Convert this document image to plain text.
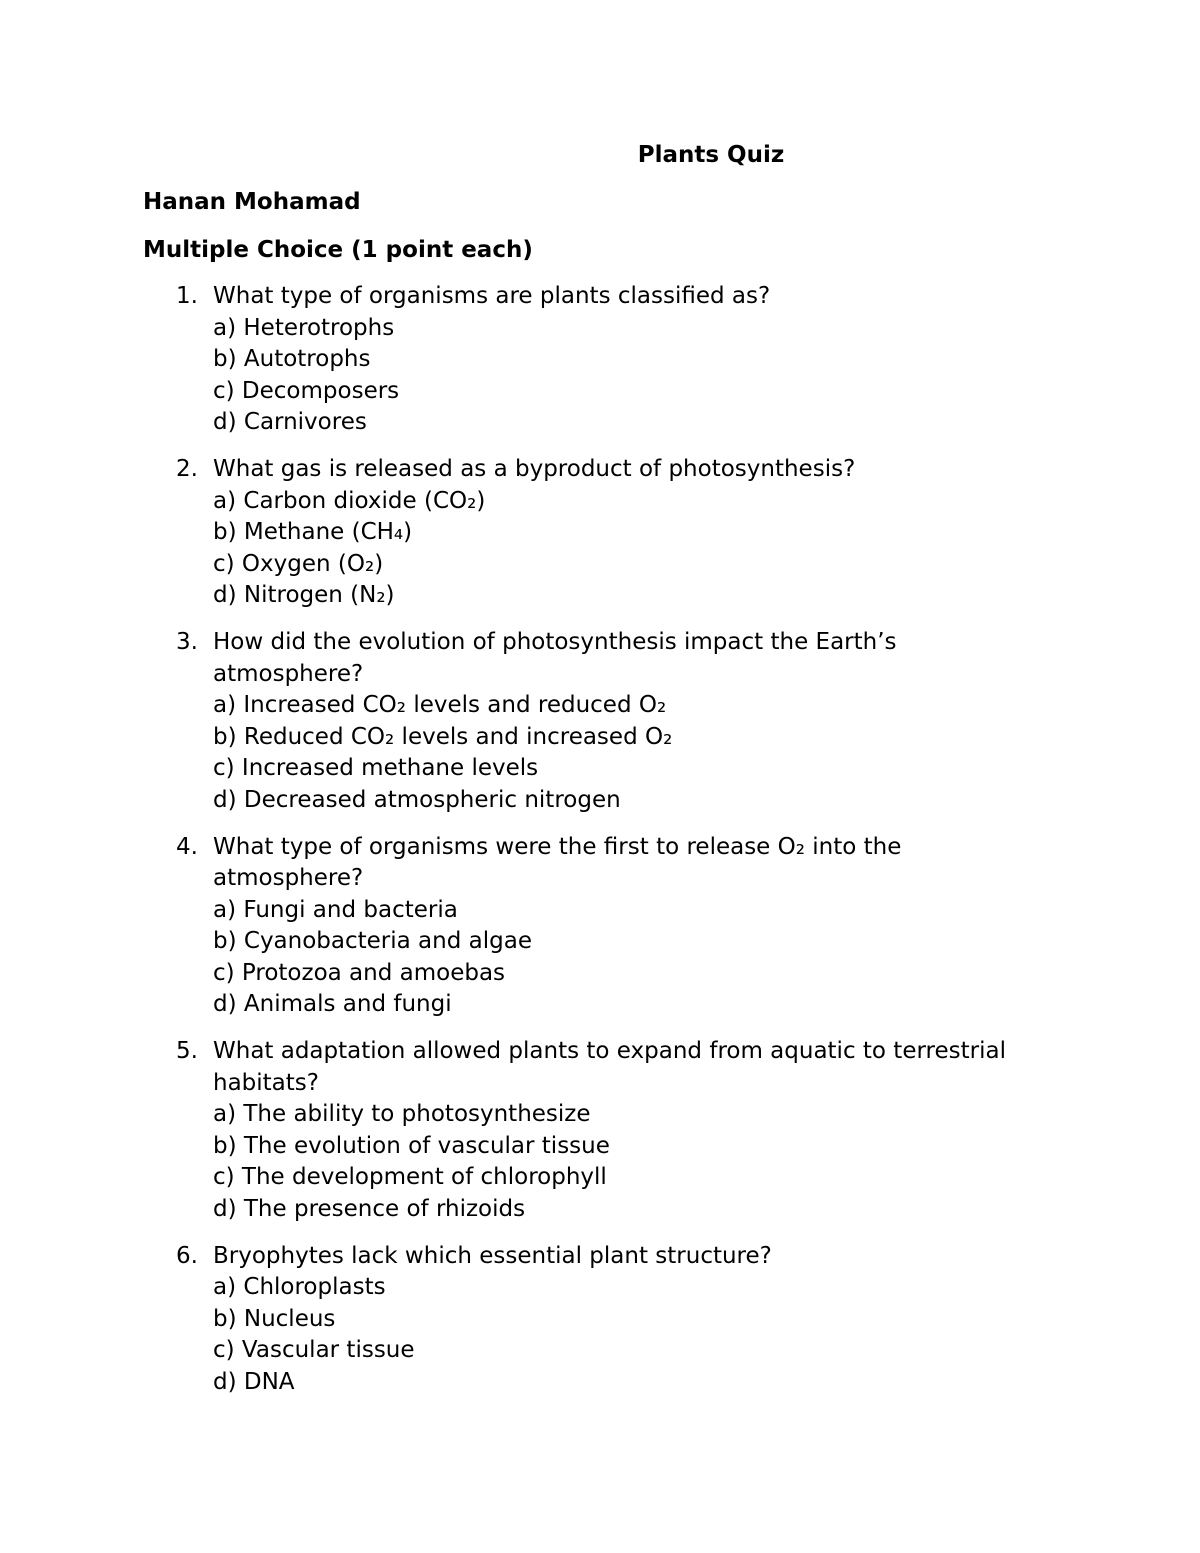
Plants Quiz
Hanan Mohamad
Multiple Choice (1 point each)
1. What type of organisms are plants classified as?
a) Heterotrophs
b) Autotrophs
c) Decomposers
d) Carnivores
2. What gas is released as a byproduct of photosynthesis?
a) Carbon dioxide (CO₂)
b) Methane (CH₄)
c) Oxygen (O₂)
d) Nitrogen (N₂)
3. How did the evolution of photosynthesis impact the Earth’s atmosphere?
a) Increased CO₂ levels and reduced O₂
b) Reduced CO₂ levels and increased O₂
c) Increased methane levels
d) Decreased atmospheric nitrogen
4. What type of organisms were the first to release O₂ into the atmosphere?
a) Fungi and bacteria
b) Cyanobacteria and algae
c) Protozoa and amoebas
d) Animals and fungi
5. What adaptation allowed plants to expand from aquatic to terrestrial habitats?
a) The ability to photosynthesize
b) The evolution of vascular tissue
c) The development of chlorophyll
d) The presence of rhizoids
6. Bryophytes lack which essential plant structure?
a) Chloroplasts
b) Nucleus
c) Vascular tissue
d) DNA
